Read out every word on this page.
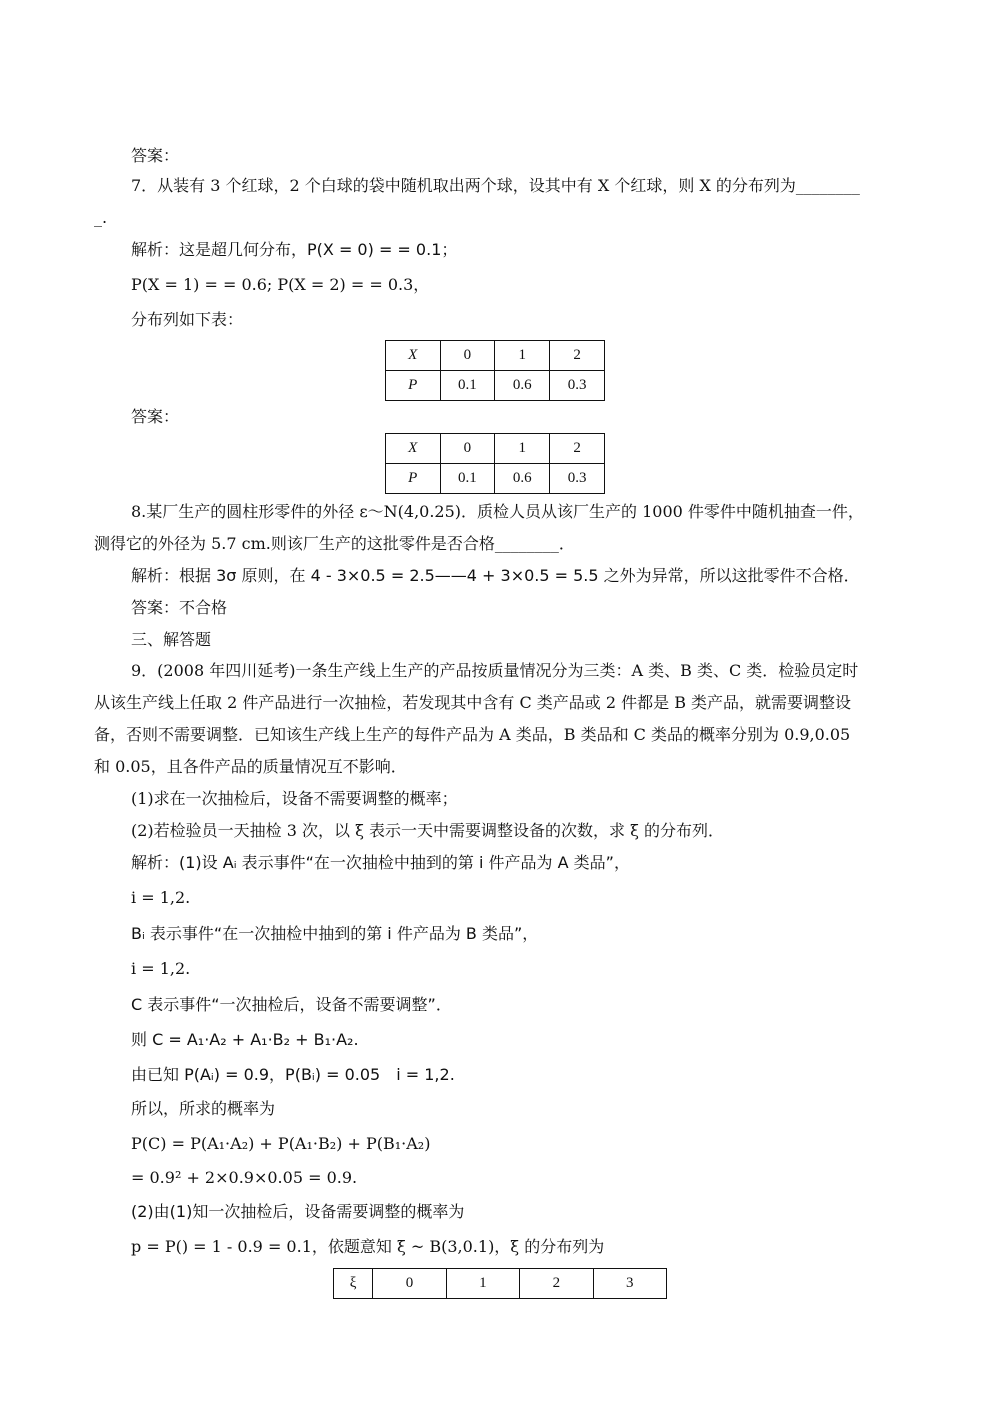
答案：
7．从装有 3 个红球，2 个白球的袋中随机取出两个球，设其中有 X 个红球，则 X 的分布列为________
_.
解析：这是超几何分布，P(X = 0) = = 0.1；
P(X = 1) = = 0.6; P(X = 2) = = 0.3，
分布列如下表：
X	0	1	2
P	0.1	0.6	0.3
答案：
X	0	1	2
P	0.1	0.6	0.3
8.某厂生产的圆柱形零件的外径 ε～N(4,0.25)．质检人员从该厂生产的 1000 件零件中随机抽查一件，
测得它的外径为 5.7 cm.则该厂生产的这批零件是否合格________．
解析：根据 3σ 原则，在 4 - 3×0.5 = 2.5——4 + 3×0.5 = 5.5 之外为异常，所以这批零件不合格．
答案：不合格
三、解答题
9．(2008 年四川延考)一条生产线上生产的产品按质量情况分为三类：A 类、B 类、C 类．检验员定时
从该生产线上任取 2 件产品进行一次抽检，若发现其中含有 C 类产品或 2 件都是 B 类产品，就需要调整设
备，否则不需要调整．已知该生产线上生产的每件产品为 A 类品，B 类品和 C 类品的概率分别为 0.9,0.05
和 0.05，且各件产品的质量情况互不影响．
(1)求在一次抽检后，设备不需要调整的概率；
(2)若检验员一天抽检 3 次，以 ξ 表示一天中需要调整设备的次数，求 ξ 的分布列．
解析：(1)设 Aᵢ 表示事件“在一次抽检中抽到的第 i 件产品为 A 类品”，
i = 1,2.
Bᵢ 表示事件“在一次抽检中抽到的第 i 件产品为 B 类品”，
i = 1,2.
C 表示事件“一次抽检后，设备不需要调整”．
则 C = A₁·A₂ + A₁·B₂ + B₁·A₂.
由已知 P(Aᵢ) = 0.9，P(Bᵢ) = 0.05　i = 1,2.
所以，所求的概率为
P(C) = P(A₁·A₂) + P(A₁·B₂) + P(B₁·A₂)
= 0.9² + 2×0.9×0.05 = 0.9.
(2)由(1)知一次抽检后，设备需要调整的概率为
p = P() = 1 - 0.9 = 0.1，依题意知 ξ ~ B(3,0.1)，ξ 的分布列为
ξ	0	1	2	3
